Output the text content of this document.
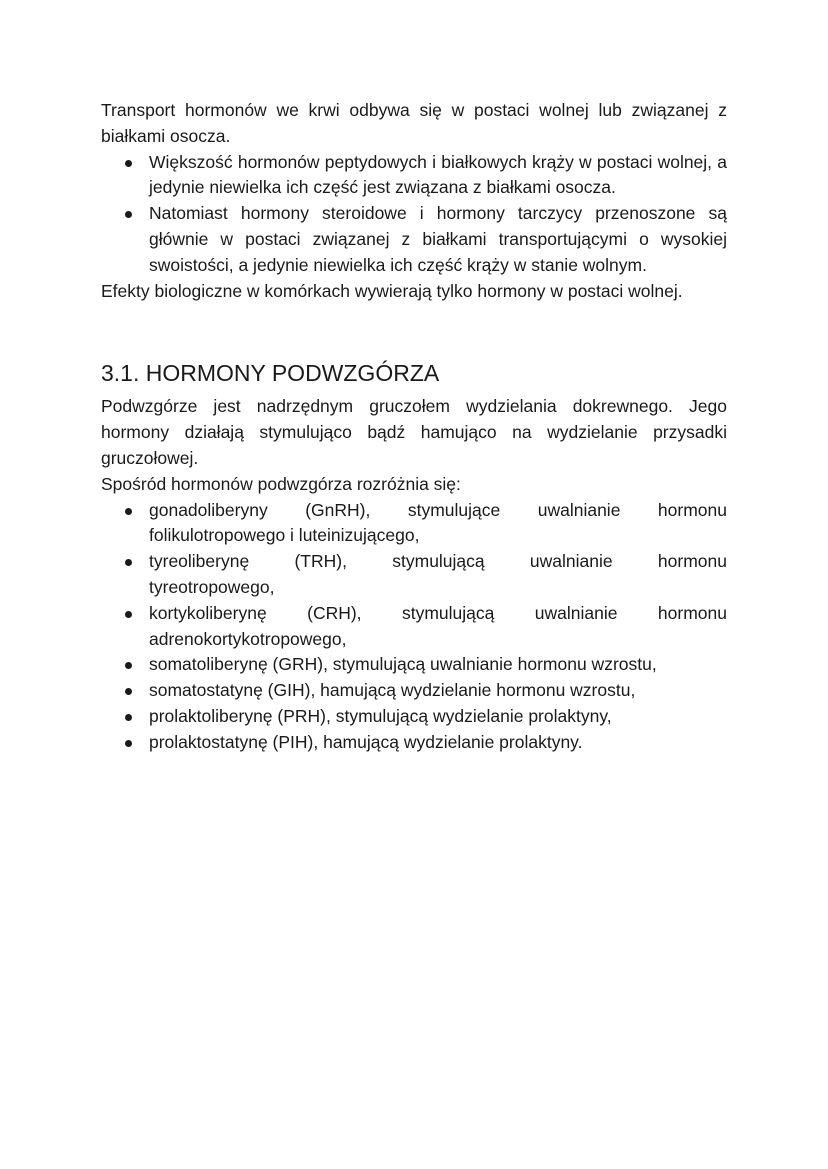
Transport hormonów we krwi odbywa się w postaci wolnej lub związanej z białkami osocza.

Większość hormonów peptydowych i białkowych krąży w postaci wolnej, a jedynie niewielka ich część jest związana z białkami osocza.
Natomiast hormony steroidowe i hormony tarczycy przenoszone są głównie w postaci związanej z białkami transportującymi o wysokiej swoistości, a jedynie niewielka ich część krąży w stanie wolnym.

Efekty biologiczne w komórkach wywierają tylko hormony w postaci wolnej.

3.1. HORMONY PODWZGÓRZA

Podwzgórze jest nadrzędnym gruczołem wydzielania dokrewnego. Jego hormony działają stymulująco bądź hamująco na wydzielanie przysadki gruczołowej.

Spośród hormonów podwzgórza rozróżnia się:

gonadoliberyny (GnRH), stymulujące uwalnianie hormonu
folikulotropowego i luteinizującego,
tyreoliberynę (TRH), stymulującą uwalnianie hormonu
tyreotropowego,
kortykoliberynę (CRH), stymulującą uwalnianie hormonu
adrenokortykotropowego,
somatoliberynę (GRH), stymulującą uwalnianie hormonu wzrostu,
somatostatynę (GIH), hamującą wydzielanie hormonu wzrostu,
prolaktoliberynę (PRH), stymulującą wydzielanie prolaktyny,
prolaktostatynę (PIH), hamującą wydzielanie prolaktyny.
